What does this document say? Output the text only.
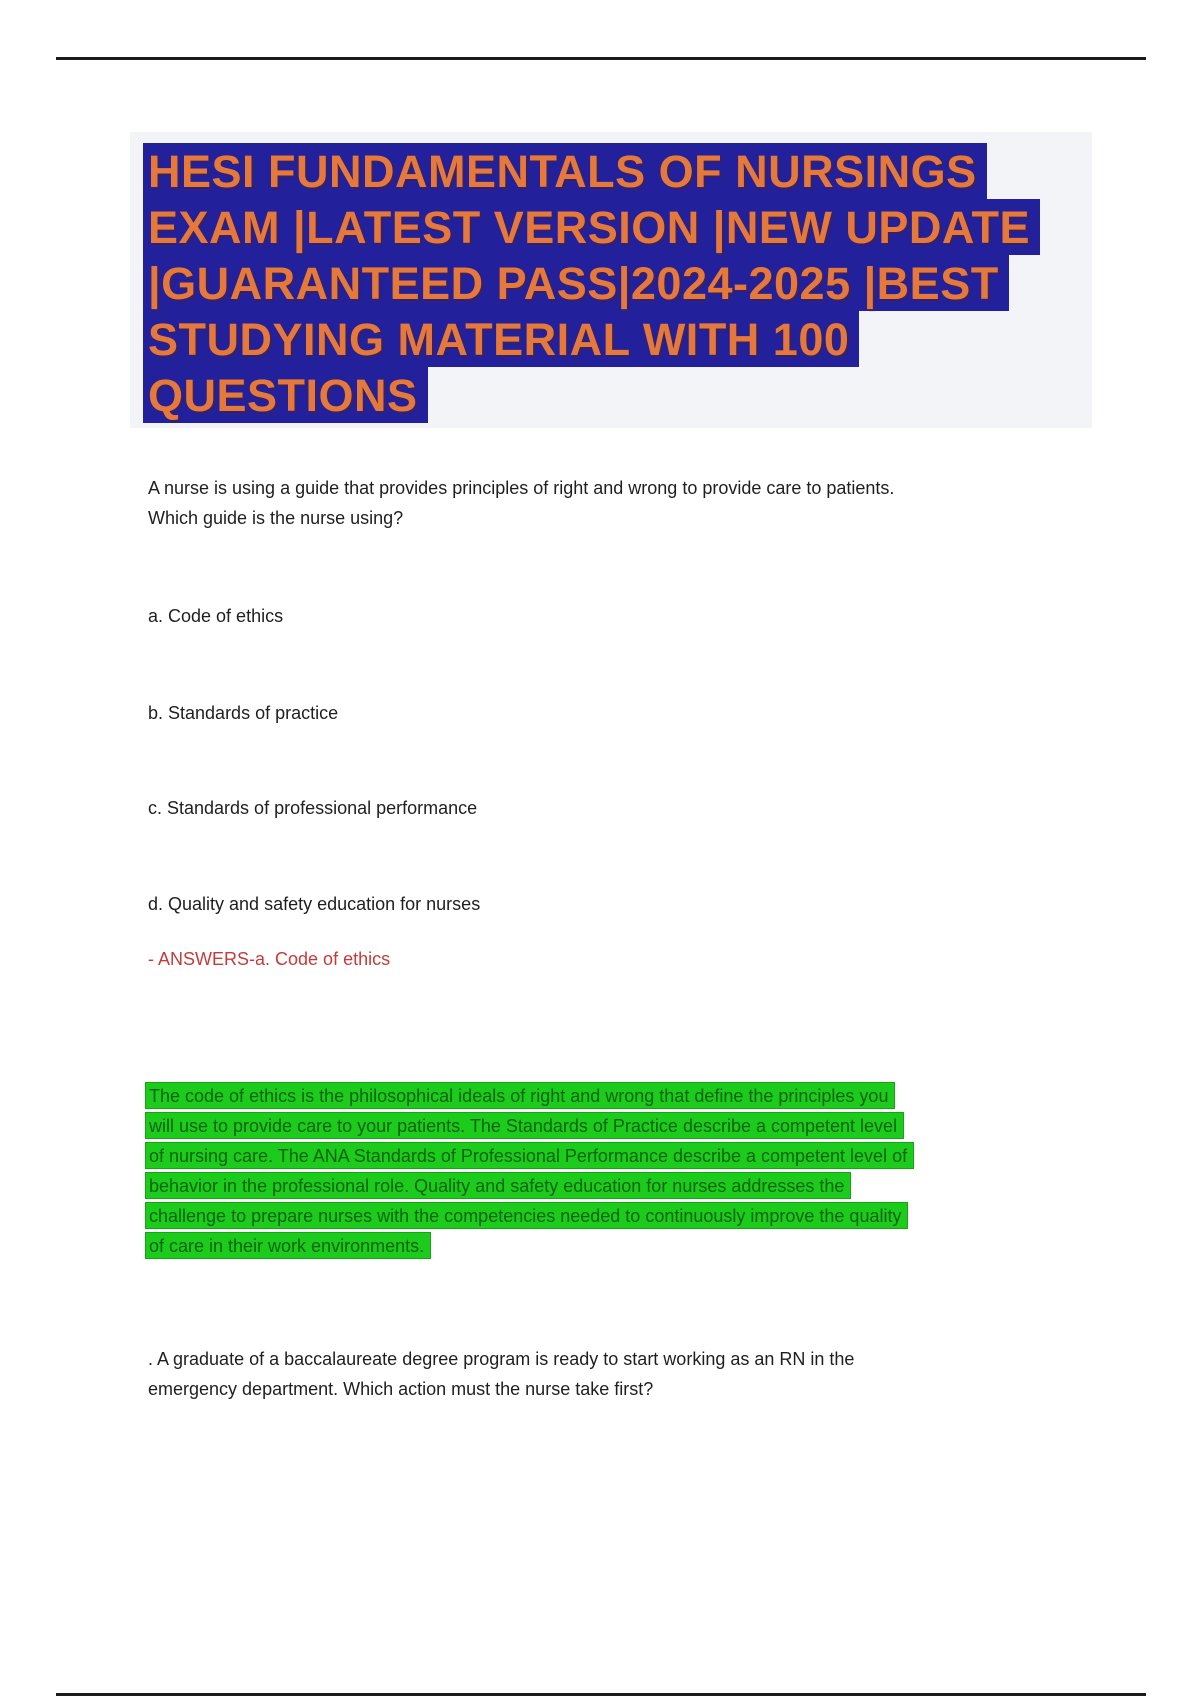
HESI FUNDAMENTALS OF NURSINGS
EXAM |LATEST VERSION |NEW UPDATE
|GUARANTEED PASS|2024-2025 |BEST
STUDYING MATERIAL WITH 100
QUESTIONS
A nurse is using a guide that provides principles of right and wrong to provide care to patients.
Which guide is the nurse using?
a. Code of ethics
b. Standards of practice
c. Standards of professional performance
d. Quality and safety education for nurses
- ANSWERS-a. Code of ethics
The code of ethics is the philosophical ideals of right and wrong that define the principles you
will use to provide care to your patients. The Standards of Practice describe a competent level
of nursing care. The ANA Standards of Professional Performance describe a competent level of
behavior in the professional role. Quality and safety education for nurses addresses the
challenge to prepare nurses with the competencies needed to continuously improve the quality
of care in their work environments.
. A graduate of a baccalaureate degree program is ready to start working as an RN in the
emergency department. Which action must the nurse take first?
